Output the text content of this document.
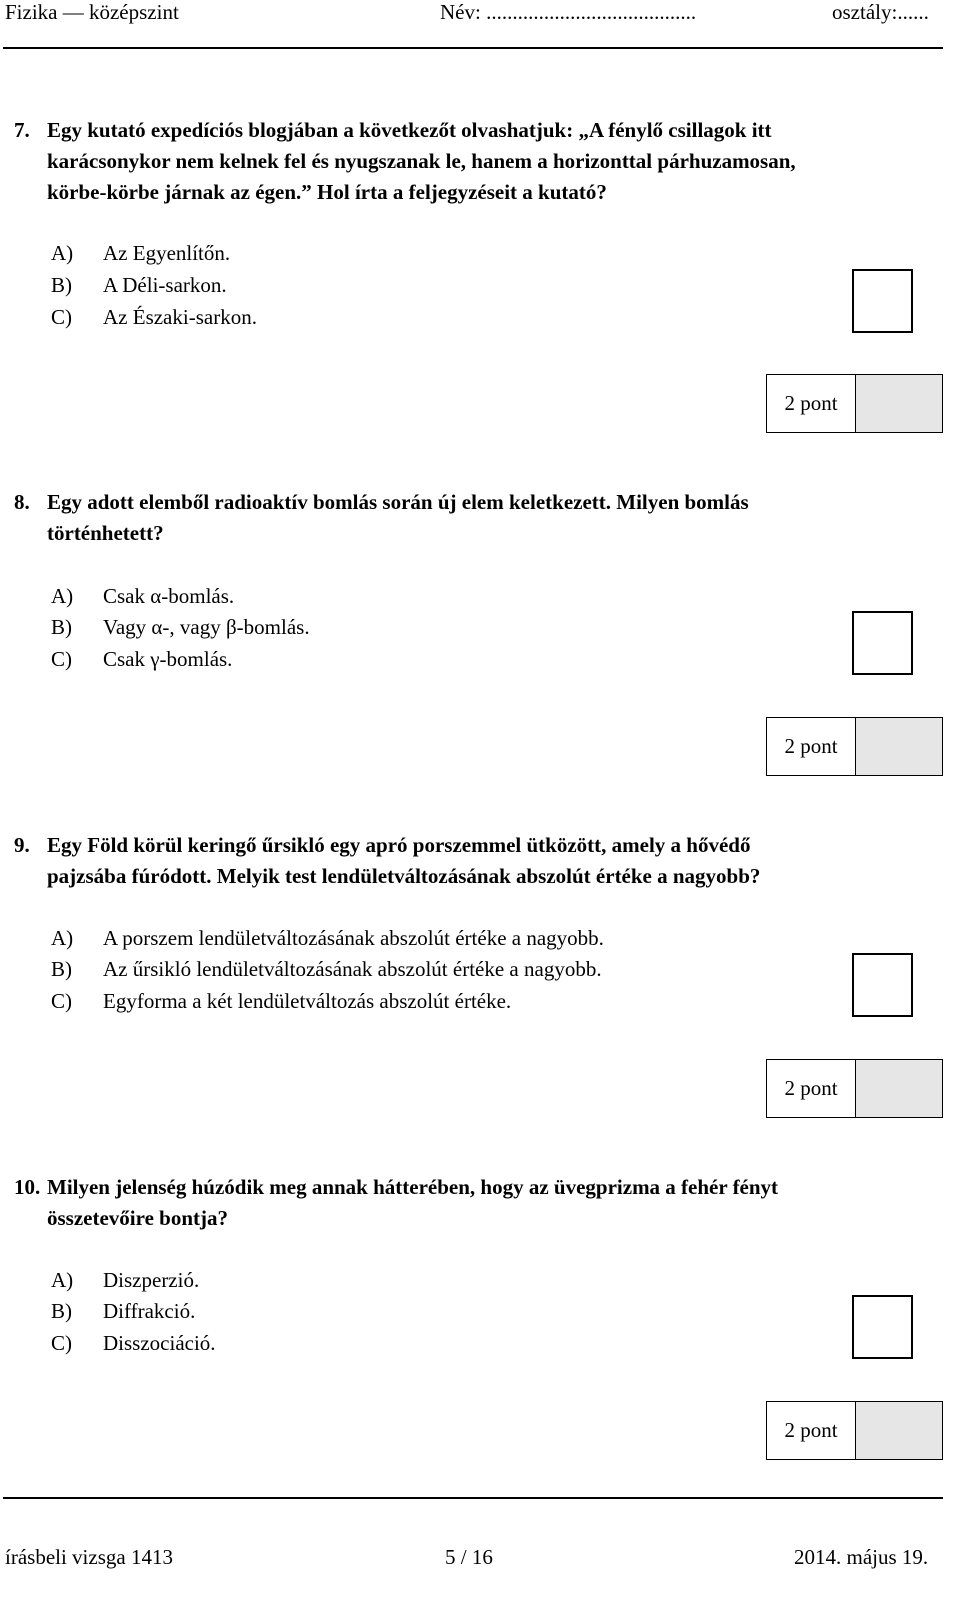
Fizika — középszint	Név: ........................................	osztály:......
7. Egy kutató expedíciós blogjában a következőt olvashatjuk: „A fénylő csillagok itt
karácsonykor nem kelnek fel és nyugszanak le, hanem a horizonttal párhuzamosan,
körbe-körbe járnak az égen.” Hol írta a feljegyzéseit a kutató?
A) Az Egyenlítőn.
B) A Déli-sarkon.
C) Az Északi-sarkon.
2 pont
8. Egy adott elemből radioaktív bomlás során új elem keletkezett. Milyen bomlás
történhetett?
A) Csak α-bomlás.
B) Vagy α-, vagy β-bomlás.
C) Csak γ-bomlás.
2 pont
9. Egy Föld körül keringő űrsikló egy apró porszemmel ütközött, amely a hővédő
pajzsába fúródott. Melyik test lendületváltozásának abszolút értéke a nagyobb?
A) A porszem lendületváltozásának abszolút értéke a nagyobb.
B) Az űrsikló lendületváltozásának abszolút értéke a nagyobb.
C) Egyforma a két lendületváltozás abszolút értéke.
2 pont
10. Milyen jelenség húzódik meg annak hátterében, hogy az üvegprizma a fehér fényt
összetevőire bontja?
A) Diszperzió.
B) Diffrakció.
C) Disszociáció.
2 pont
írásbeli vizsga 1413	5 / 16	2014. május 19.
